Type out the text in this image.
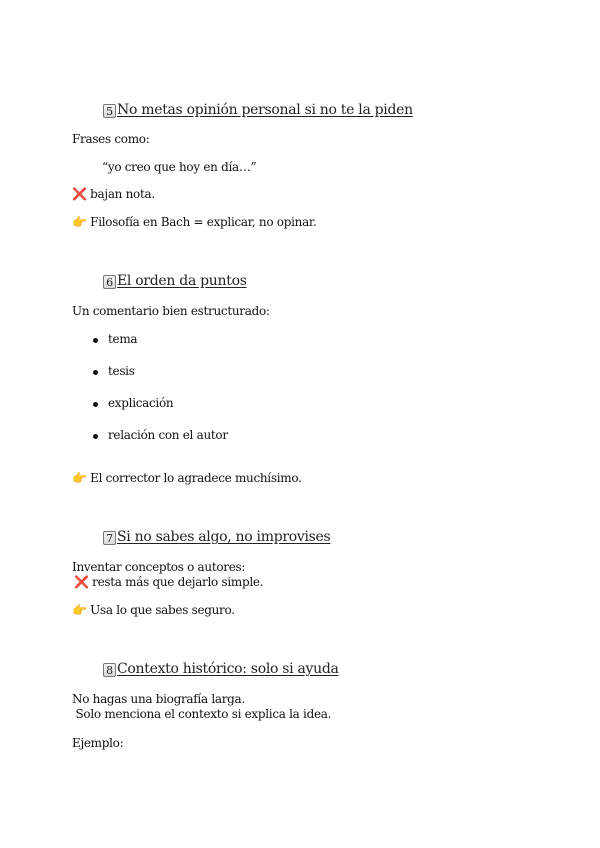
5 No metas opinión personal si no te la piden
Frases como:
“yo creo que hoy en día…”
❌ bajan nota.
👉 Filosofía en Bach = explicar, no opinar.
6 El orden da puntos
Un comentario bien estructurado:
tema
tesis
explicación
relación con el autor
👉 El corrector lo agradece muchísimo.
7 Si no sabes algo, no improvises
Inventar conceptos o autores:
❌ resta más que dejarlo simple.
👉 Usa lo que sabes seguro.
8 Contexto histórico: solo si ayuda
No hagas una biografía larga.
Solo menciona el contexto si explica la idea.
Ejemplo:
